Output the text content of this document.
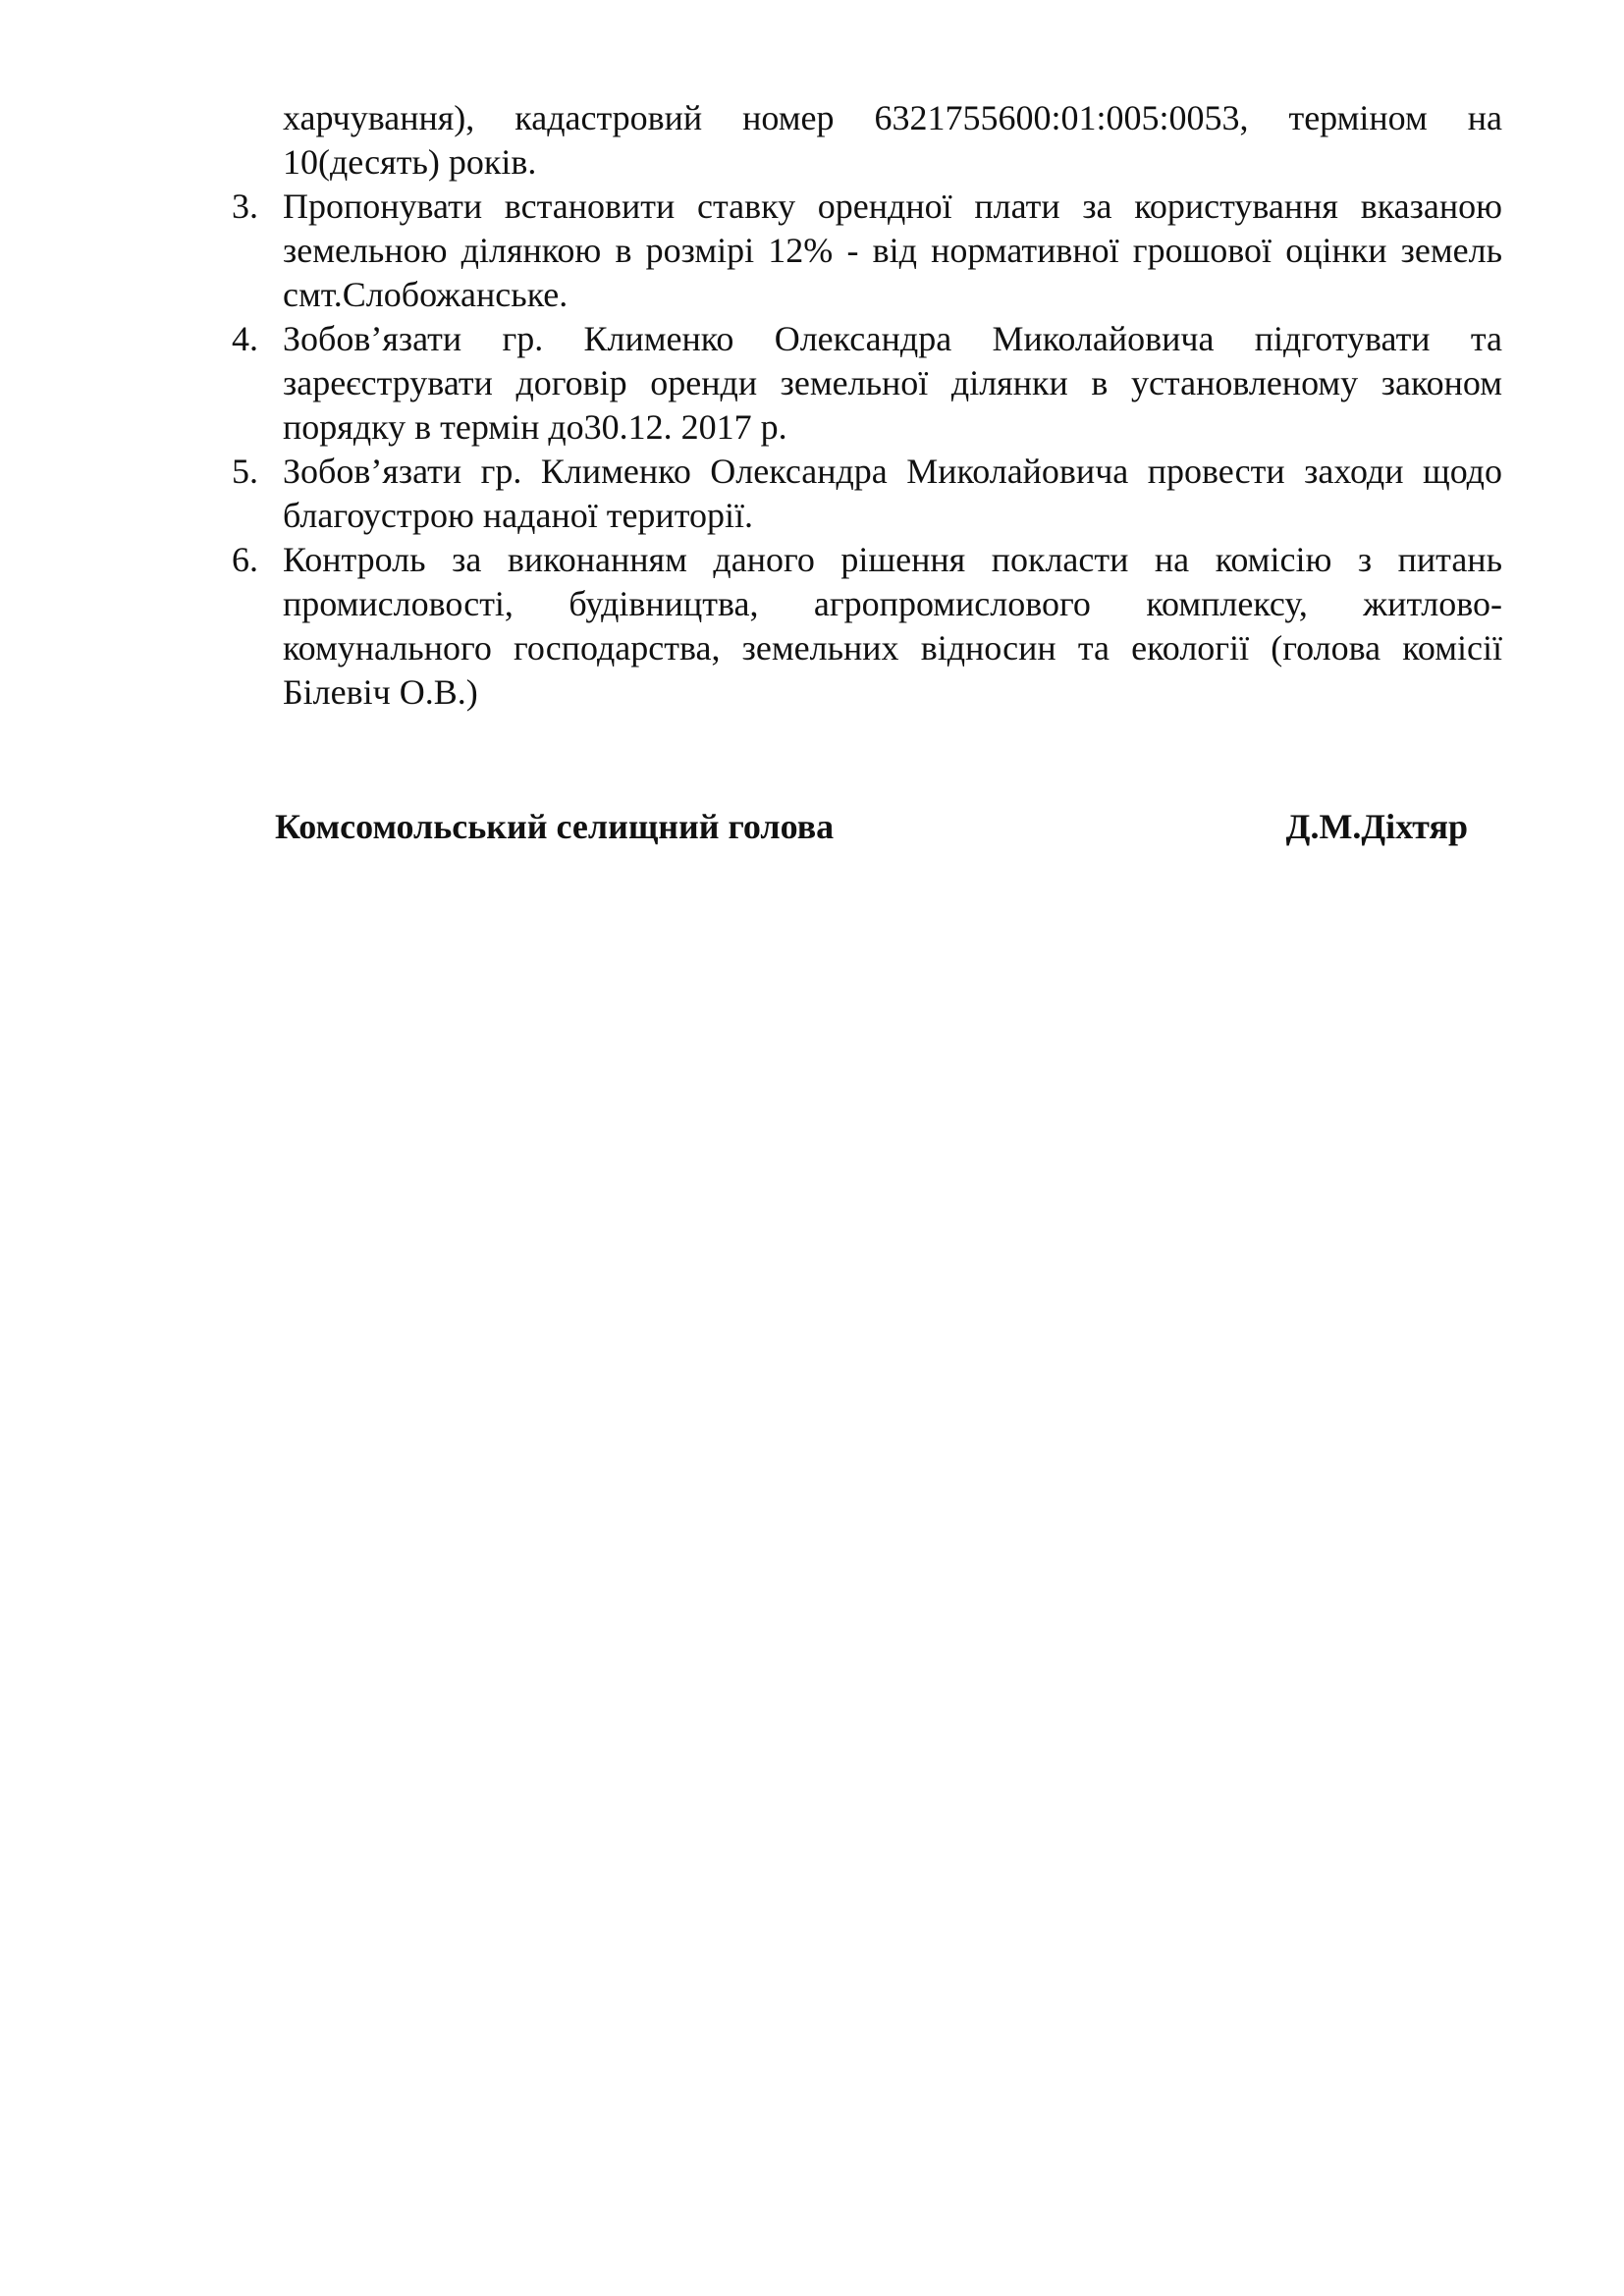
харчування), кадастровий номер 6321755600:01:005:0053, терміном на 10(десять) років.

3. Пропонувати встановити ставку орендної плати за користування вказаною земельною ділянкою в розмірі 12% - від нормативної грошової оцінки земель смт.Слобожанське.
4. Зобов’язати гр. Клименко Олександра Миколайовича підготувати та зареєструвати договір оренди земельної ділянки в установленому законом порядку в термін до30.12. 2017 р.
5. Зобов’язати гр. Клименко Олександра Миколайовича провести заходи щодо благоустрою наданої території.
6. Контроль за виконанням даного рішення покласти на комісію з питань промисловості, будівництва, агропромислового комплексу, житлово-комунального господарства, земельних відносин та екології (голова комісії Білевіч О.В.)
Комсомольський селищний голова	Д.М.Діхтяр
